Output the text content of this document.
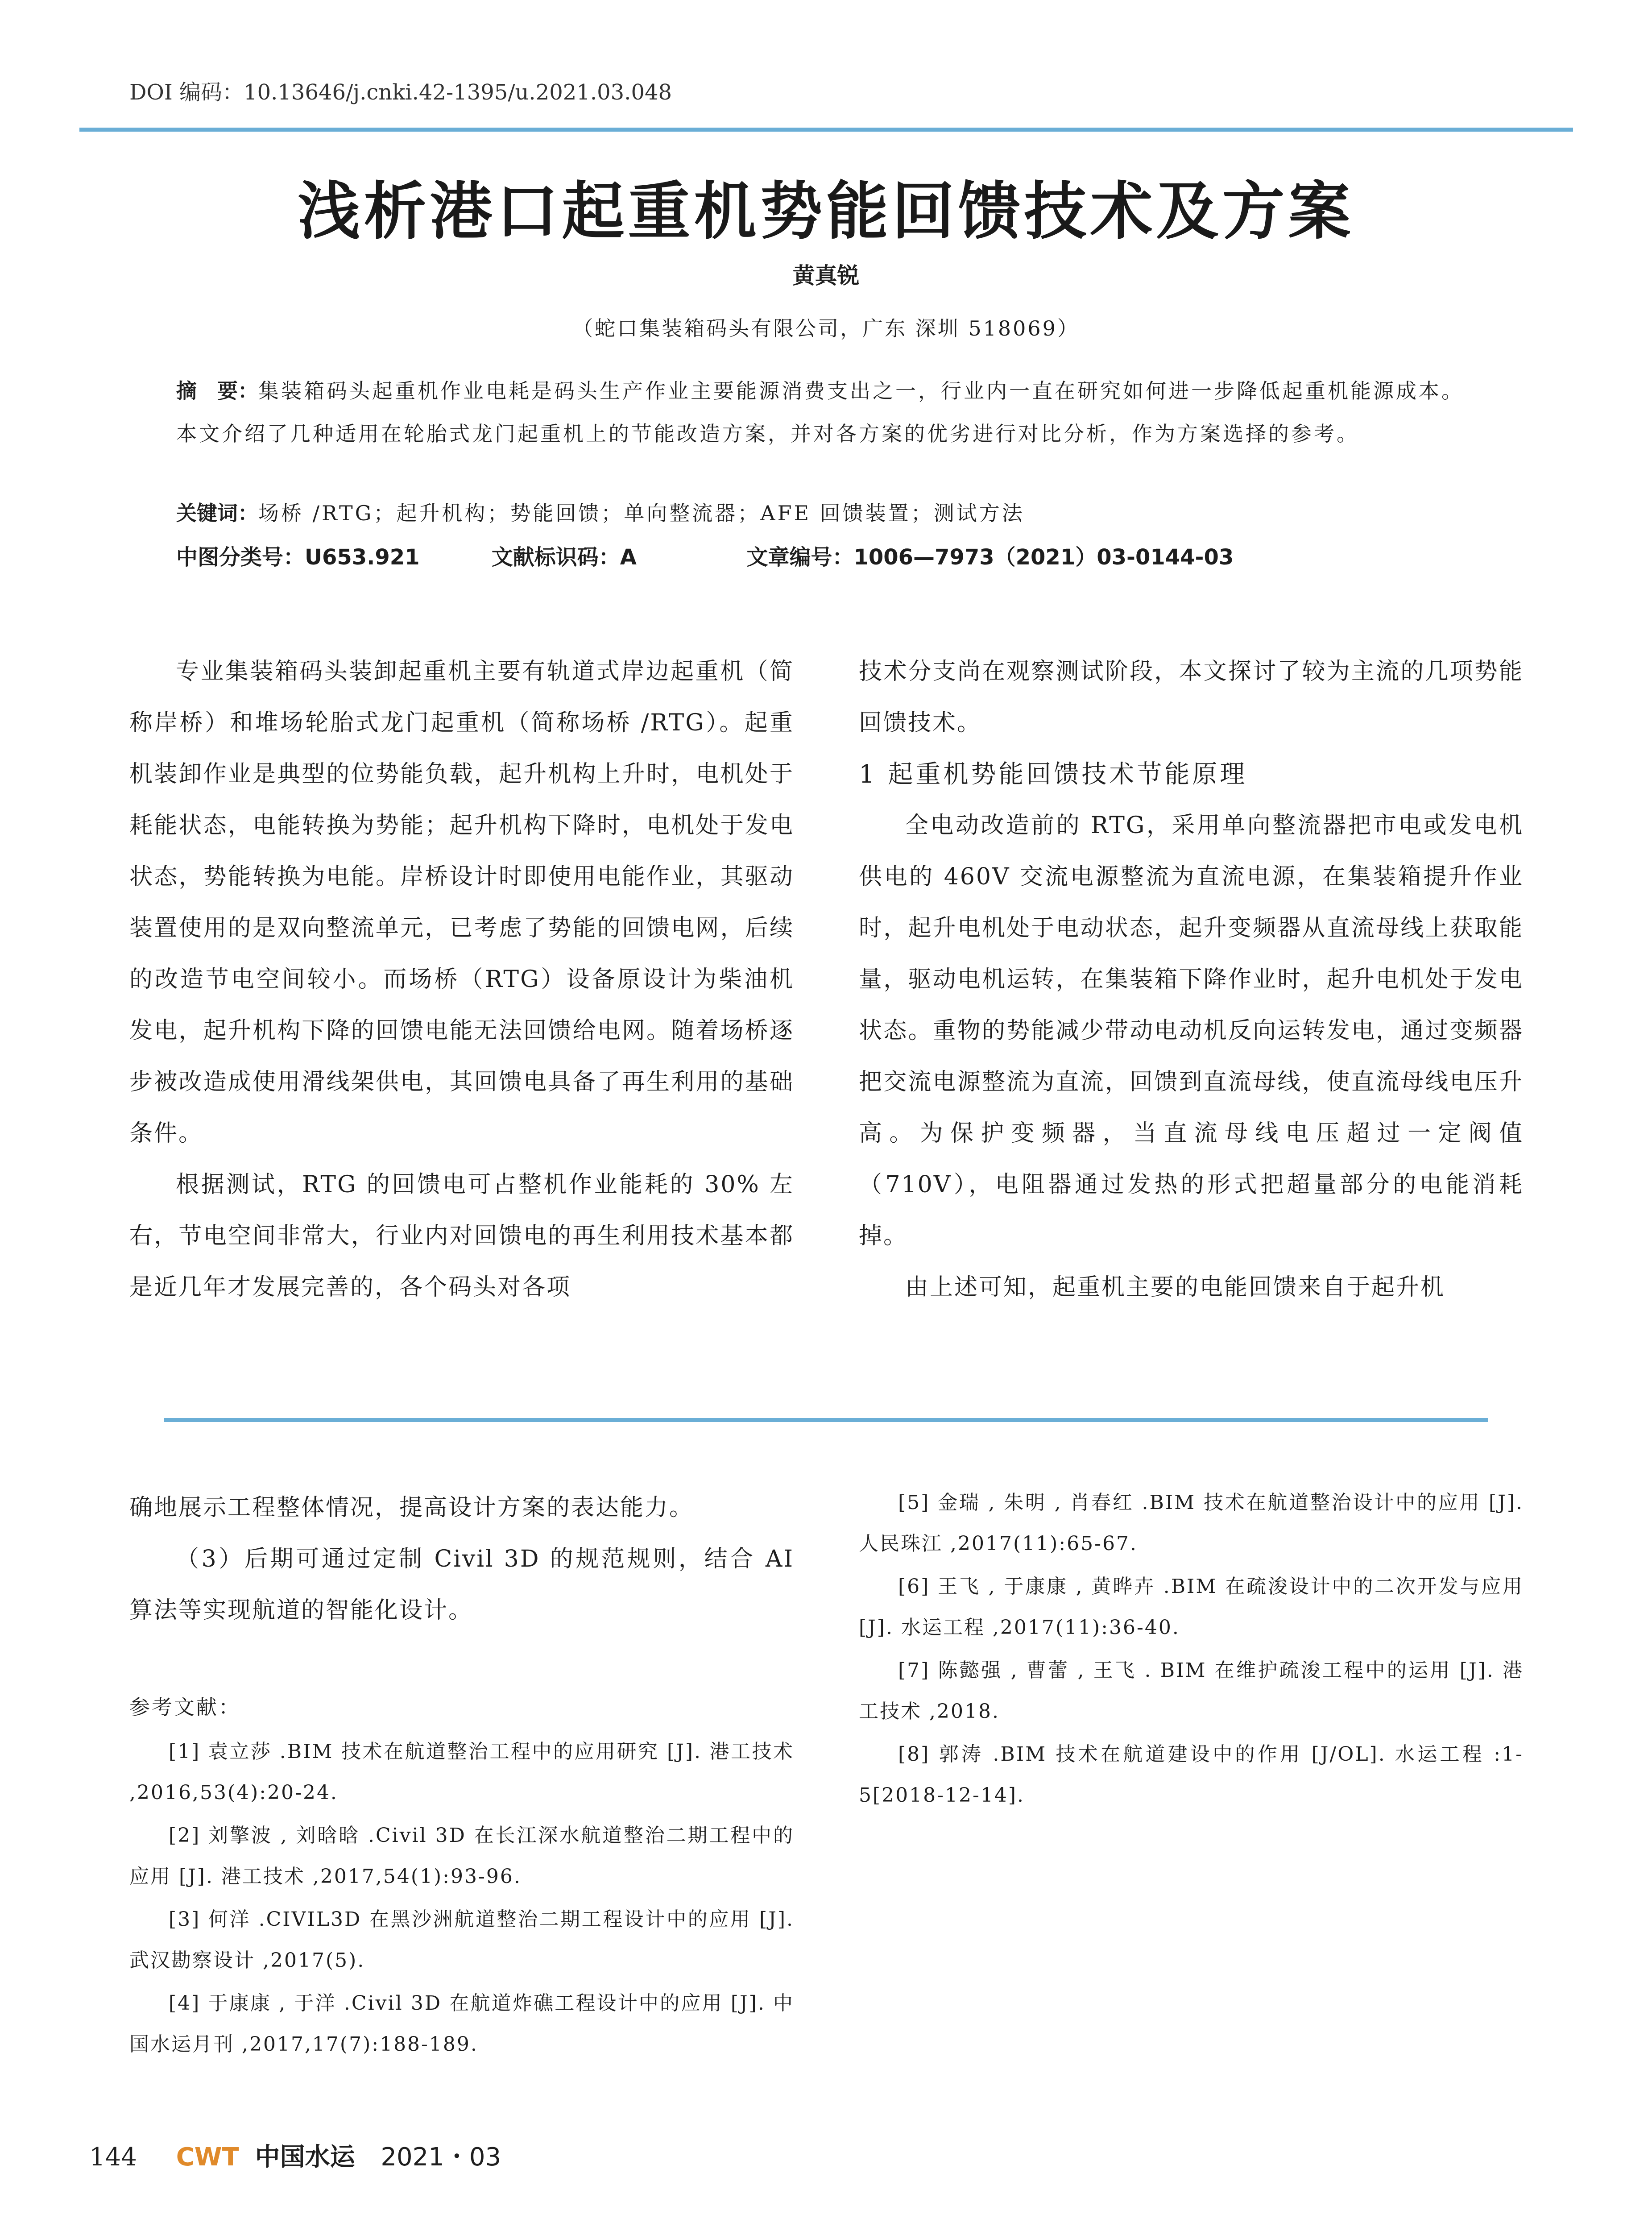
DOI 编码：10.13646/j.cnki.42-1395/u.2021.03.048
浅析港口起重机势能回馈技术及方案
黄真锐
（蛇口集装箱码头有限公司，广东 深圳 518069）
摘　要：集装箱码头起重机作业电耗是码头生产作业主要能源消费支出之一，行业内一直在研究如何进一步降低起重机能源成本。本文介绍了几种适用在轮胎式龙门起重机上的节能改造方案，并对各方案的优劣进行对比分析，作为方案选择的参考。
关键词：场桥 /RTG；起升机构；势能回馈；单向整流器；AFE 回馈装置；测试方法
中图分类号：U653.921	文献标识码：A	文章编号：1006—7973（2021）03-0144-03

专业集装箱码头装卸起重机主要有轨道式岸边起重机（简称岸桥）和堆场轮胎式龙门起重机（简称场桥 /RTG）。起重机装卸作业是典型的位势能负载，起升机构上升时，电机处于耗能状态，电能转换为势能；起升机构下降时，电机处于发电状态，势能转换为电能。岸桥设计时即使用电能作业，其驱动装置使用的是双向整流单元，已考虑了势能的回馈电网，后续的改造节电空间较小。而场桥（RTG）设备原设计为柴油机发电，起升机构下降的回馈电能无法回馈给电网。随着场桥逐步被改造成使用滑线架供电，其回馈电具备了再生利用的基础条件。

根据测试，RTG 的回馈电可占整机作业能耗的 30% 左右，节电空间非常大，行业内对回馈电的再生利用技术基本都是近几年才发展完善的，各个码头对各项

技术分支尚在观察测试阶段，本文探讨了较为主流的几项势能回馈技术。

1 起重机势能回馈技术节能原理

全电动改造前的 RTG，采用单向整流器把市电或发电机供电的 460V 交流电源整流为直流电源，在集装箱提升作业时，起升电机处于电动状态，起升变频器从直流母线上获取能量，驱动电机运转，在集装箱下降作业时，起升电机处于发电状态。重物的势能减少带动电动机反向运转发电，通过变频器把交流电源整流为直流，回馈到直流母线，使直流母线电压升高。为保护变频器，当直流母线电压超过一定阀值（710V），电阻器通过发热的形式把超量部分的电能消耗掉。

由上述可知，起重机主要的电能回馈来自于起升机

确地展示工程整体情况，提高设计方案的表达能力。

（3）后期可通过定制 Civil 3D 的规范规则，结合 AI 算法等实现航道的智能化设计。

参考文献：

[1] 袁立莎 .BIM 技术在航道整治工程中的应用研究 [J]. 港工技术 ,2016,53(4):20-24.

[2] 刘擎波 , 刘晗晗 .Civil 3D 在长江深水航道整治二期工程中的应用 [J]. 港工技术 ,2017,54(1):93-96.

[3] 何洋 .CIVIL3D 在黑沙洲航道整治二期工程设计中的应用 [J]. 武汉勘察设计 ,2017(5).

[4] 于康康 , 于洋 .Civil 3D 在航道炸礁工程设计中的应用 [J]. 中国水运月刊 ,2017,17(7):188-189.

[5] 金瑞 , 朱明 , 肖春红 .BIM 技术在航道整治设计中的应用 [J]. 人民珠江 ,2017(11):65-67.

[6] 王飞 , 于康康 , 黄晔卉 .BIM 在疏浚设计中的二次开发与应用 [J]. 水运工程 ,2017(11):36-40.

[7] 陈懿强 , 曹蕾 , 王飞 . BIM 在维护疏浚工程中的运用 [J]. 港工技术 ,2018.

[8] 郭涛 .BIM 技术在航道建设中的作用 [J/OL]. 水运工程 :1-5[2018-12-14].

144 CWT 中国水运 2021・03
